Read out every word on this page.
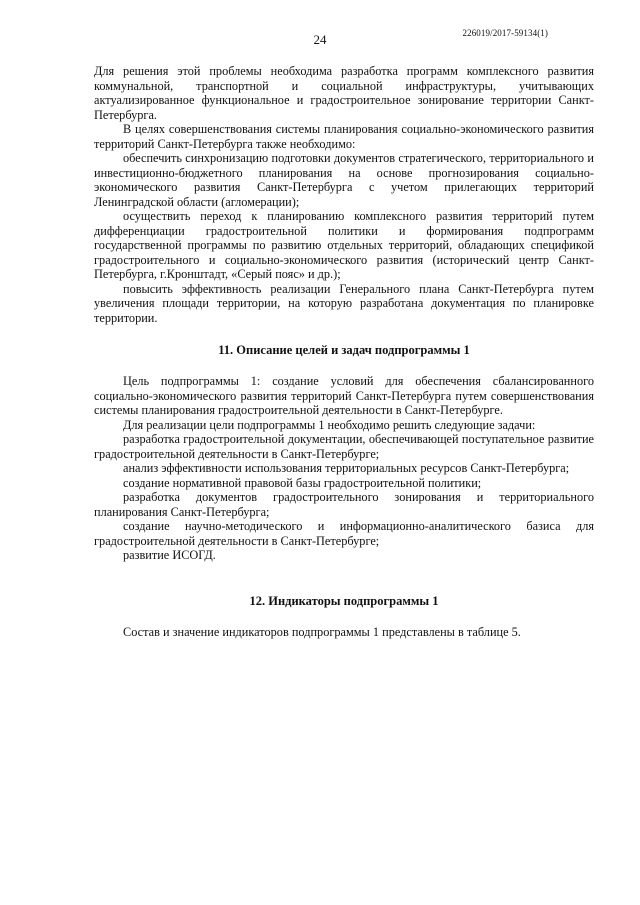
24	226019/2017-59134(1)

Для решения этой проблемы необходима разработка программ комплексного развития коммунальной, транспортной и социальной инфраструктуры, учитывающих актуализированное функциональное и градостроительное зонирование территории Санкт-Петербурга.

В целях совершенствования системы планирования социально-экономического развития территорий Санкт-Петербурга также необходимо:

обеспечить синхронизацию подготовки документов стратегического, территориального и инвестиционно-бюджетного планирования на основе прогнозирования социально-экономического развития Санкт-Петербурга с учетом прилегающих территорий Ленинградской области (агломерации);

осуществить переход к планированию комплексного развития территорий путем дифференциации градостроительной политики и формирования подпрограмм государственной программы по развитию отдельных территорий, обладающих спецификой градостроительного и социально-экономического развития (исторический центр Санкт-Петербурга, г.Кронштадт, «Серый пояс» и др.);

повысить эффективность реализации Генерального плана Санкт-Петербурга путем увеличения площади территории, на которую разработана документация по планировке территории.

11. Описание целей и задач подпрограммы 1

Цель подпрограммы 1: создание условий для обеспечения сбалансированного социально-экономического развития территорий Санкт-Петербурга путем совершенствования системы планирования градостроительной деятельности в Санкт-Петербурге.

Для реализации цели подпрограммы 1 необходимо решить следующие задачи:

разработка градостроительной документации, обеспечивающей поступательное развитие градостроительной деятельности в Санкт-Петербурге;

анализ эффективности использования территориальных ресурсов Санкт-Петербурга;

создание нормативной правовой базы градостроительной политики;

разработка документов градостроительного зонирования и территориального планирования Санкт-Петербурга;

создание научно-методического и информационно-аналитического базиса для градостроительной деятельности в Санкт-Петербурге;

развитие ИСОГД.

12. Индикаторы подпрограммы 1

Состав и значение индикаторов подпрограммы 1 представлены в таблице 5.
